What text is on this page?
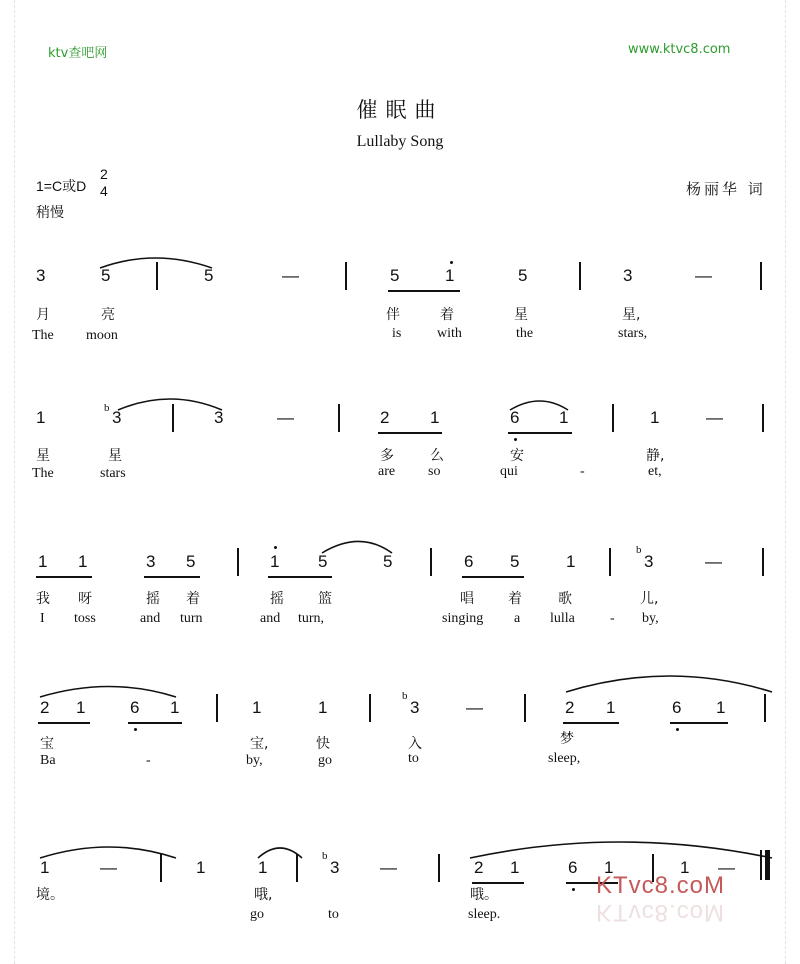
ktv查吧网	www.ktvc8.com
催眠曲
Lullaby Song
1=C或D
2
4
稍慢
杨丽华 词
3	5	5	—	5	1	5	3	—
月	亮	伴	着	星	星,
The moon	is	with	the	stars,
1	b 3	3	—	2 1	6 1	1	—
星	星	多	么	安	静,
The	stars	are so	qui	-	et,
1 1	3 5	1 5	5	6 5	1
b
3	—
我 呀	摇 着	摇 篮	唱 着	歌	儿,
I toss	and turn	and turn,	singing a lulla	- by,
2 1	6 1	1	1
b
3	—	2 1	6 1
宝	宝,	快	入	梦
Ba	-	by,	go	to	sleep,
1	—	1	1
b
3 —	2 1	6 1	1 —
境。	哦,	哦。
go	to	sleep.
KTvc8.coM
KTvc8.coM
